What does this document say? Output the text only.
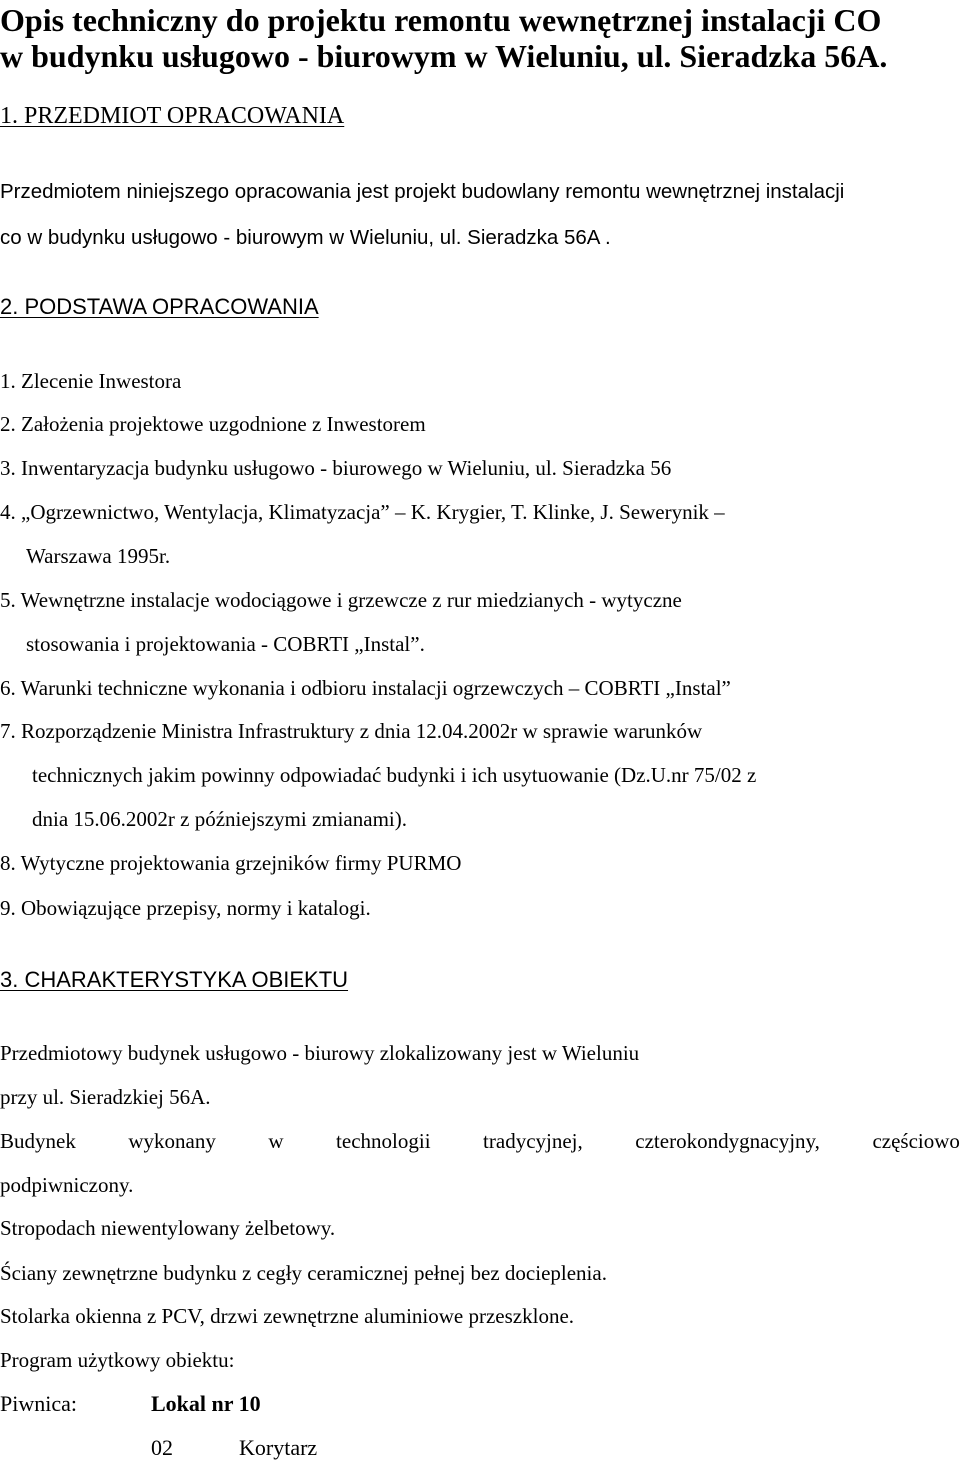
Opis techniczny do projektu remontu wewnętrznej instalacji CO
w budynku usługowo - biurowym w Wieluniu, ul. Sieradzka 56A.
1. PRZEDMIOT OPRACOWANIA
Przedmiotem niniejszego opracowania jest projekt budowlany remontu wewnętrznej instalacji
co w budynku usługowo - biurowym w Wieluniu, ul. Sieradzka 56A .
2. PODSTAWA OPRACOWANIA
1. Zlecenie Inwestora
2. Założenia projektowe uzgodnione z Inwestorem
3. Inwentaryzacja budynku usługowo - biurowego w Wieluniu, ul. Sieradzka 56
4. „Ogrzewnictwo, Wentylacja, Klimatyzacja” – K. Krygier, T. Klinke, J. Sewerynik –
Warszawa 1995r.
5. Wewnętrzne instalacje wodociągowe i grzewcze z rur miedzianych - wytyczne
stosowania i projektowania - COBRTI „Instal”.
6. Warunki techniczne wykonania i odbioru instalacji ogrzewczych – COBRTI „Instal”
7. Rozporządzenie Ministra Infrastruktury z dnia 12.04.2002r w sprawie warunków
technicznych jakim powinny odpowiadać budynki i ich usytuowanie (Dz.U.nr 75/02 z
dnia 15.06.2002r z późniejszymi zmianami).
8. Wytyczne projektowania grzejników firmy PURMO
9. Obowiązujące przepisy, normy i katalogi.
3. CHARAKTERYSTYKA OBIEKTU
Przedmiotowy budynek usługowo - biurowy zlokalizowany jest w Wieluniu
przy ul. Sieradzkiej 56A.
Budynek	wykonany	w	technologii	tradycyjnej,	czterokondygnacyjny,	częściowo
podpiwniczony.
Stropodach niewentylowany żelbetowy.
Ściany zewnętrzne budynku z cegły ceramicznej pełnej bez docieplenia.
Stolarka okienna z PCV, drzwi zewnętrzne aluminiowe przeszklone.
Program użytkowy obiektu:
Piwnica:	Lokal nr 10
02	Korytarz
